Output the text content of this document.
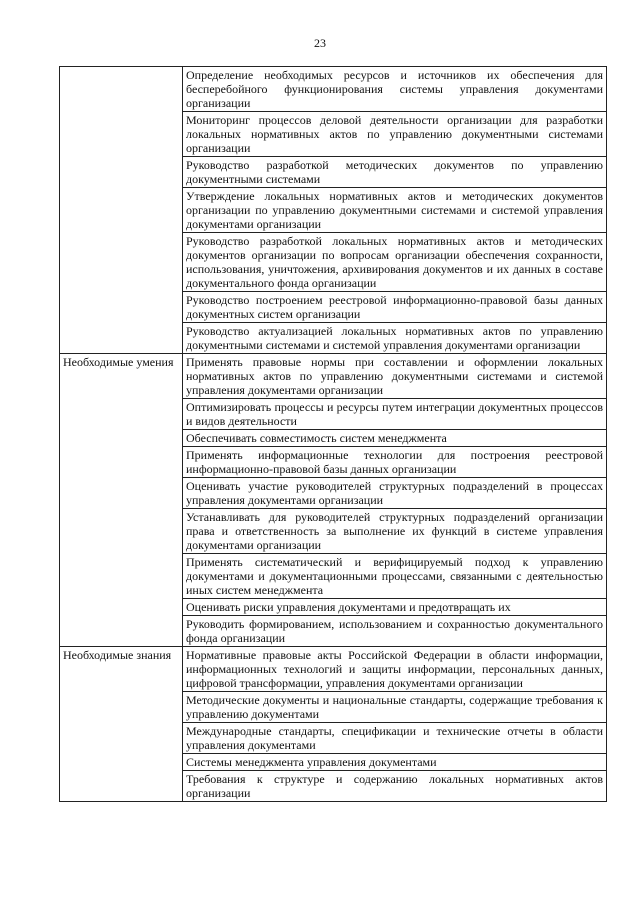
23
	Определение необходимых ресурсов и источников их обеспечения для бесперебойного функционирования системы управления документами организации
	Мониторинг процессов деловой деятельности организации для разработки локальных нормативных актов по управлению документными системами организации
	Руководство разработкой методических документов по управлению документными системами
	Утверждение локальных нормативных актов и методических документов организации по управлению документными системами и системой управления документами организации
	Руководство разработкой локальных нормативных актов и методических документов организации по вопросам организации обеспечения сохранности, использования, уничтожения, архивирования документов и их данных в составе документального фонда организации
	Руководство построением реестровой информационно-правовой базы данных документных систем организации
	Руководство актуализацией локальных нормативных актов по управлению документными системами и системой управления документами организации
Необходимые умения	Применять правовые нормы при составлении и оформлении локальных нормативных актов по управлению документными системами и системой управления документами организации
	Оптимизировать процессы и ресурсы путем интеграции документных процессов и видов деятельности
	Обеспечивать совместимость систем менеджмента
	Применять информационные технологии для построения реестровой информационно-правовой базы данных организации
	Оценивать участие руководителей структурных подразделений в процессах управления документами организации
	Устанавливать для руководителей структурных подразделений организации права и ответственность за выполнение их функций в системе управления документами организации
	Применять систематический и верифицируемый подход к управлению документами и документационными процессами, связанными с деятельностью иных систем менеджмента
	Оценивать риски управления документами и предотвращать их
	Руководить формированием, использованием и сохранностью документального фонда организации
Необходимые знания	Нормативные правовые акты Российской Федерации в области информации, информационных технологий и защиты информации, персональных данных, цифровой трансформации, управления документами организации
	Методические документы и национальные стандарты, содержащие требования к управлению документами
	Международные стандарты, спецификации и технические отчеты в области управления документами
	Системы менеджмента управления документами
	Требования к структуре и содержанию локальных нормативных актов организации
